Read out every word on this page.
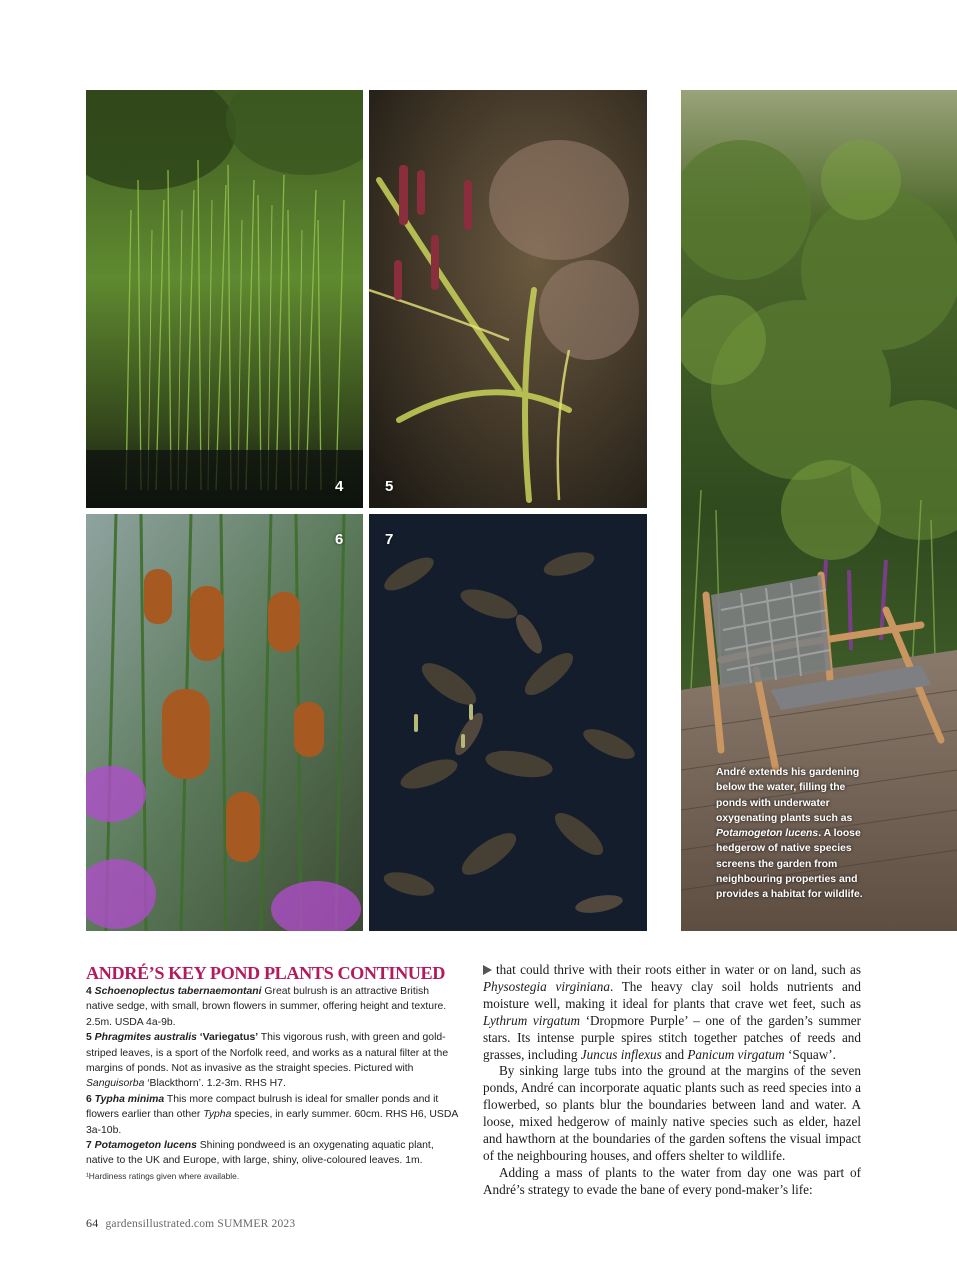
4	5
6	7
André extends his gardening below the water, filling the ponds with underwater oxygenating plants such as Potamogeton lucens. A loose hedgerow of native species screens the garden from neighbouring properties and provides a habitat for wildlife.
ANDRÉ’S KEY POND PLANTS CONTINUED

4 Schoenoplectus tabernaemontani Great bulrush is an attractive British native sedge, with small, brown flowers in summer, offering height and texture. 2.5m. USDA 4a-9b.

5 Phragmites australis ‘Variegatus’ This vigorous rush, with green and gold-striped leaves, is a sport of the Norfolk reed, and works as a natural filter at the margins of ponds. Not as invasive as the straight species. Pictured with Sanguisorba ‘Blackthorn’. 1.2-3m. RHS H7.

6 Typha minima This more compact bulrush is ideal for smaller ponds and it flowers earlier than other Typha species, in early summer. 60cm. RHS H6, USDA 3a-10b.

7 Potamogeton lucens Shining pondweed is an oxygenating aquatic plant, native to the UK and Europe, with large, shiny, olive-coloured leaves. 1m.

¹Hardiness ratings given where available.

that could thrive with their roots either in water or on land, such as Physostegia virginiana. The heavy clay soil holds nutrients and moisture well, making it ideal for plants that crave wet feet, such as Lythrum virgatum ‘Dropmore Purple’ – one of the garden’s summer stars. Its intense purple spires stitch together patches of reeds and grasses, including Juncus inflexus and Panicum virgatum ‘Squaw’.

By sinking large tubs into the ground at the margins of the seven ponds, André can incorporate aquatic plants such as reed species into a flowerbed, so plants blur the boundaries between land and water. A loose, mixed hedgerow of mainly native species such as elder, hazel and hawthorn at the boundaries of the garden softens the visual impact of the neighbouring houses, and offers shelter to wildlife.

Adding a mass of plants to the water from day one was part of André’s strategy to evade the bane of every pond-maker’s life:

64 gardensillustrated.com SUMMER 2023
